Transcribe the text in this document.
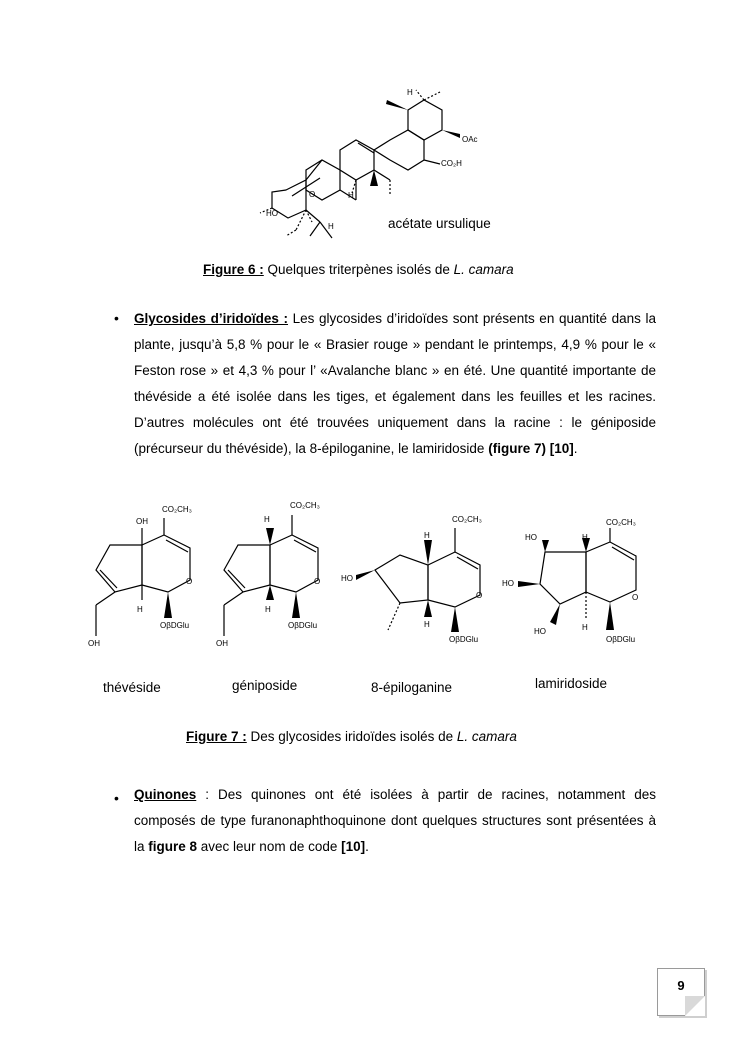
H
OAc
CO₂H
O	H
HO
H	acétate ursulique
Figure 6 : Quelques triterpènes isolés de L. camara
• Glycosides d’iridoïdes : Les glycosides d’iridoïdes sont présents en quantité dans la plante, jusqu’à 5,8 % pour le « Brasier rouge » pendant le printemps, 4,9 % pour le « Feston rose » et 4,3 % pour l’ «Avalanche blanc » en été. Une quantité importante de thévéside a été isolée dans les tiges, et également dans les feuilles et les racines. D’autres molécules ont été trouvées uniquement dans la racine : le géniposide (précurseur du thévéside), la 8-épiloganine, le lamiridoside (figure 7) [10].
CO₂CH₃
OH
O
H
OβDGlu
OH
CO₂CH₃
H
O
H
OβDGlu
OH
CO₂CH₃
H
HO
O
H
OβDGlu
CO₂CH₃
HO	H
HO
O
H
HO
OβDGlu
thévéside	géniposide	8-épiloganine	lamiridoside
Figure 7 : Des glycosides iridoïdes isolés de L. camara
• Quinones : Des quinones ont été isolées à partir de racines, notamment des composés de type furanonaphthoquinone dont quelques structures sont présentées à la figure 8 avec leur nom de code [10].
9
